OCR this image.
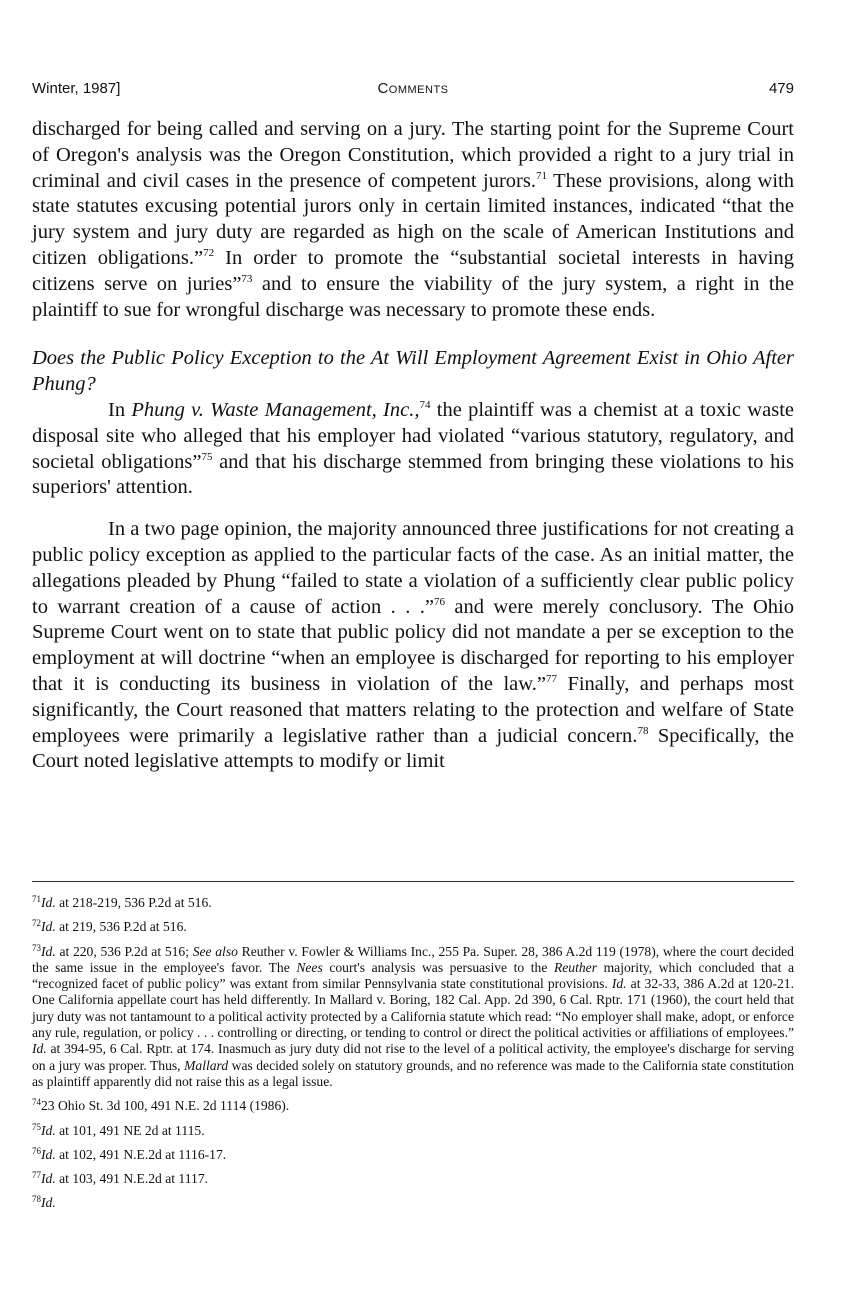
Winter, 1987]	Comments	479

discharged for being called and serving on a jury. The starting point for the Supreme Court of Oregon's analysis was the Oregon Constitution, which provided a right to a jury trial in criminal and civil cases in the presence of competent jurors.$^{71}$ These provisions, along with state statutes excusing potential jurors only in certain limited instances, indicated “that the jury system and jury duty are regarded as high on the scale of American Institutions and citizen obligations.”$^{72}$ In order to promote the “substantial societal interests in having citizens serve on juries”$^{73}$ and to ensure the viability of the jury system, a right in the plaintiff to sue for wrongful discharge was necessary to promote these ends.

Does the Public Policy Exception to the At Will Employment Agreement Exist in Ohio After Phung?

In Phung v. Waste Management, Inc.,$^{74}$ the plaintiff was a chemist at a toxic waste disposal site who alleged that his employer had violated “various statutory, regulatory, and societal obligations”$^{75}$ and that his discharge stemmed from bringing these violations to his superiors' attention.

In a two page opinion, the majority announced three justifications for not creating a public policy exception as applied to the particular facts of the case. As an initial matter, the allegations pleaded by Phung “failed to state a violation of a sufficiently clear public policy to warrant creation of a cause of action . . .”$^{76}$ and were merely conclusory. The Ohio Supreme Court went on to state that public policy did not mandate a per se exception to the employment at will doctrine “when an employee is discharged for reporting to his employer that it is conducting its business in violation of the law.”$^{77}$ Finally, and perhaps most significantly, the Court reasoned that matters relating to the protection and welfare of State employees were primarily a legislative rather than a judicial concern.$^{78}$ Specifically, the Court noted legislative attempts to modify or limit

$^{71}$Id. at 218-219, 536 P.2d at 516.

$^{72}$Id. at 219, 536 P.2d at 516.

$^{73}$Id. at 220, 536 P.2d at 516; See also Reuther v. Fowler & Williams Inc., 255 Pa. Super. 28, 386 A.2d 119 (1978), where the court decided the same issue in the employee's favor. The Nees court's analysis was persuasive to the Reuther majority, which concluded that a “recognized facet of public policy” was extant from similar Pennsylvania state constitutional provisions. Id. at 32-33, 386 A.2d at 120-21. One California appellate court has held differently. In Mallard v. Boring, 182 Cal. App. 2d 390, 6 Cal. Rptr. 171 (1960), the court held that jury duty was not tantamount to a political activity protected by a California statute which read: “No employer shall make, adopt, or enforce any rule, regulation, or policy . . . controlling or directing, or tending to control or direct the political activities or affiliations of employees.” Id. at 394-95, 6 Cal. Rptr. at 174. Inasmuch as jury duty did not rise to the level of a political activity, the employee's discharge for serving on a jury was proper. Thus, Mallard was decided solely on statutory grounds, and no reference was made to the California state constitution as plaintiff apparently did not raise this as a legal issue.

$^{74}$23 Ohio St. 3d 100, 491 N.E. 2d 1114 (1986).

$^{75}$Id. at 101, 491 NE 2d at 1115.

$^{76}$Id. at 102, 491 N.E.2d at 1116-17.

$^{77}$Id. at 103, 491 N.E.2d at 1117.

$^{78}$Id.
